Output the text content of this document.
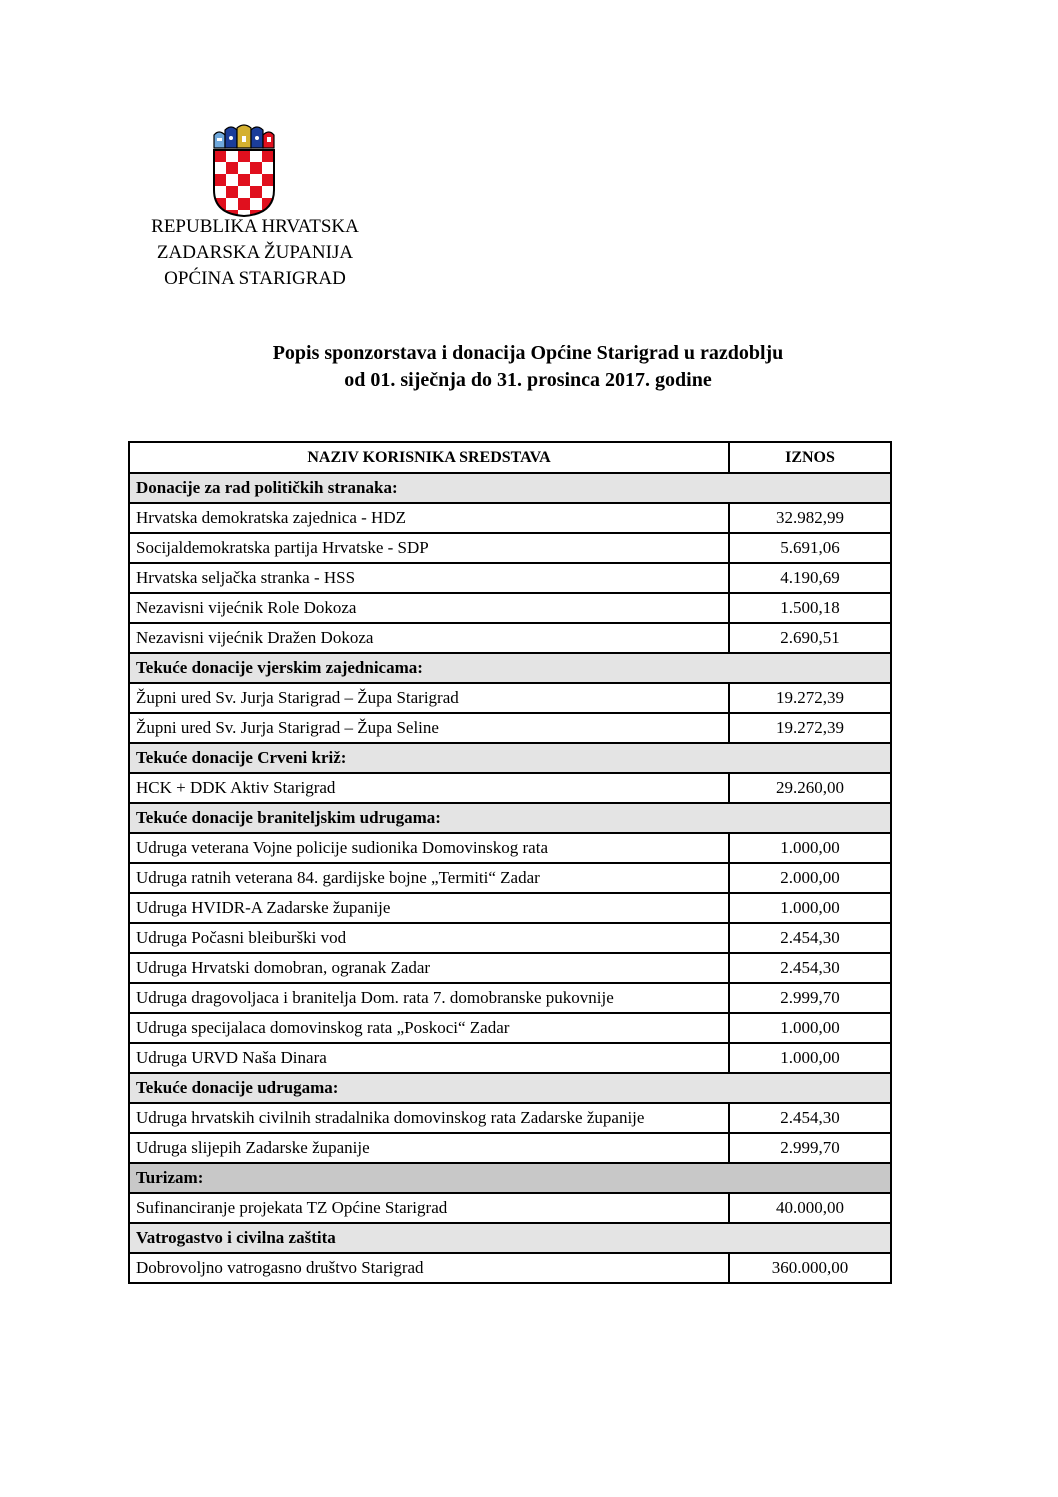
REPUBLIKA HRVATSKA
ZADARSKA ŽUPANIJA
OPĆINA STARIGRAD
Popis sponzorstava i donacija Općine Starigrad u razdoblju
od 01. siječnja do 31. prosinca 2017. godine
NAZIV KORISNIKA SREDSTAVA	IZNOS
Donacije za rad političkih stranaka:	
Hrvatska demokratska zajednica - HDZ	32.982,99
Socijaldemokratska partija Hrvatske - SDP	5.691,06
Hrvatska seljačka stranka - HSS	4.190,69
Nezavisni vijećnik Role Dokoza	1.500,18
Nezavisni vijećnik Dražen Dokoza	2.690,51
Tekuće donacije vjerskim zajednicama:	
Župni ured Sv. Jurja Starigrad – Župa Starigrad	19.272,39
Župni ured Sv. Jurja Starigrad – Župa Seline	19.272,39
Tekuće donacije Crveni križ:	
HCK + DDK Aktiv Starigrad	29.260,00
Tekuće donacije braniteljskim udrugama:	
Udruga veterana Vojne policije sudionika Domovinskog rata	1.000,00
Udruga ratnih veterana 84. gardijske bojne „Termiti“ Zadar	2.000,00
Udruga HVIDR-A Zadarske županije	1.000,00
Udruga Počasni bleiburški vod	2.454,30
Udruga Hrvatski domobran, ogranak Zadar	2.454,30
Udruga dragovoljaca i branitelja Dom. rata 7. domobranske pukovnije	2.999,70
Udruga specijalaca domovinskog rata „Poskoci“ Zadar	1.000,00
Udruga URVD Naša Dinara	1.000,00
Tekuće donacije udrugama:	
Udruga hrvatskih civilnih stradalnika domovinskog rata Zadarske županije	2.454,30
Udruga slijepih Zadarske županije	2.999,70
Turizam:	
Sufinanciranje projekata TZ Općine Starigrad	40.000,00
Vatrogastvo i civilna zaštita	
Dobrovoljno vatrogasno društvo Starigrad	360.000,00
